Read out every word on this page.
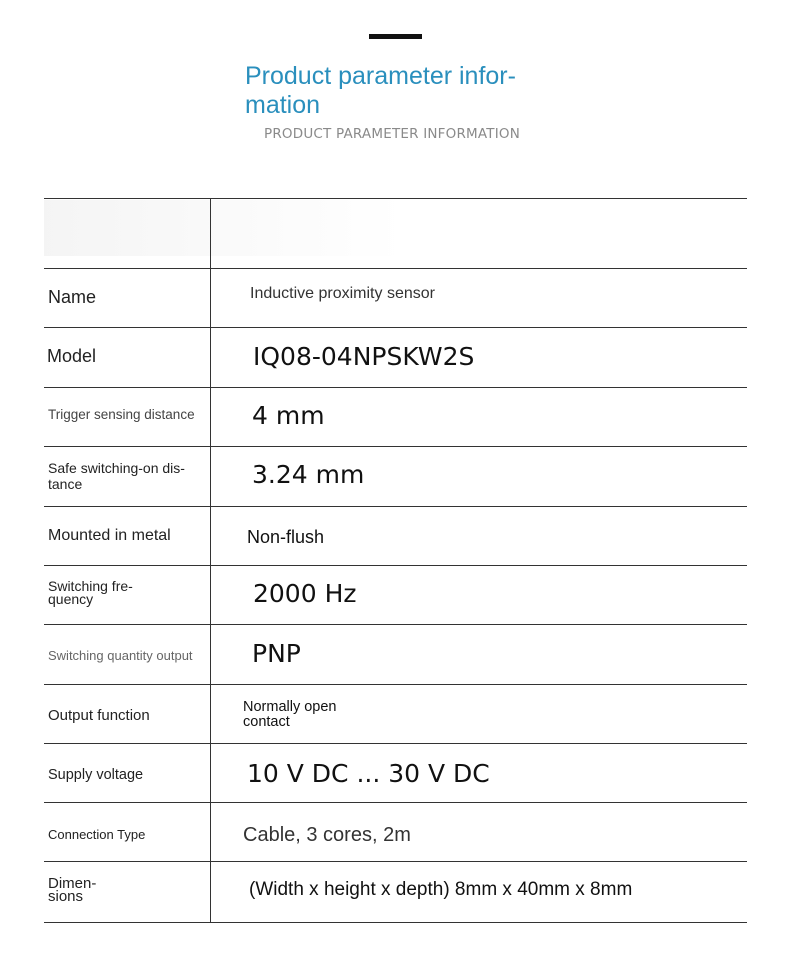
Product parameter infor-
mation
PRODUCT PARAMETER INFORMATION
Name	Inductive proximity sensor
Model	IQ08-04NPSKW2S
Trigger sensing distance	4 mm
Safe switching-on dis-
tance	3.24 mm
Mounted in metal	Non-flush
Switching fre-
quency	2000 Hz
Switching quantity output	PNP
Output function	Normally open
contact
Supply voltage	10 V DC ... 30 V DC
Connection Type	Cable, 3 cores, 2m
Dimen-
sions	(Width x height x depth) 8mm x 40mm x 8mm
